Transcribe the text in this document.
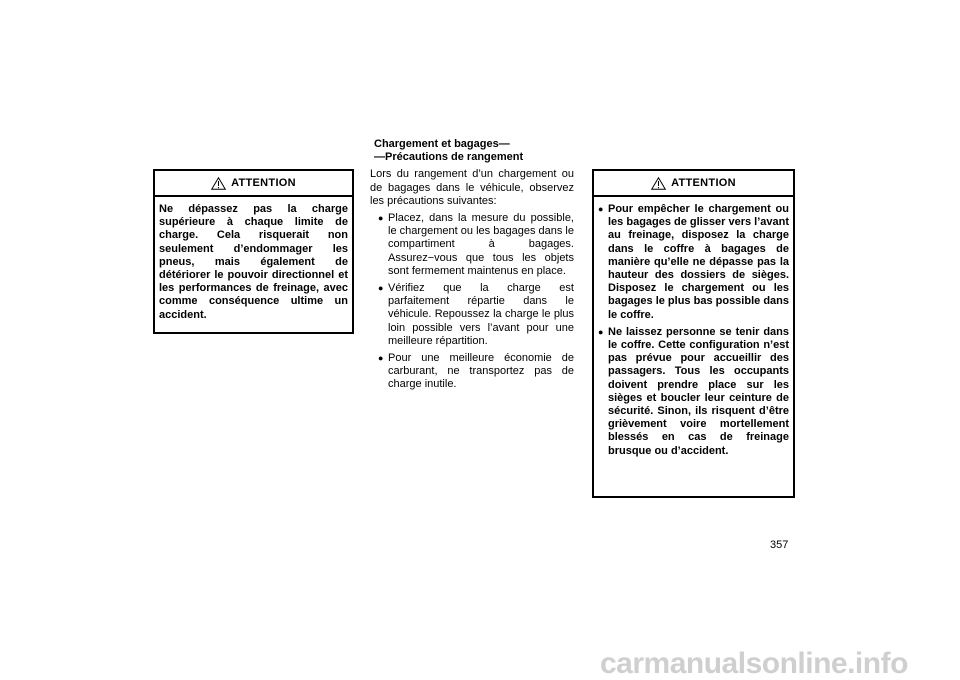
ATTENTION
Ne dépassez pas la charge supérieure à chaque limite de charge. Cela risquerait non seulement d’endommager les pneus, mais également de détériorer le pouvoir directionnel et les performances de freinage, avec comme conséquence ultime un accident.
Chargement et bagages—
—Précautions de rangement
Lors du rangement d’un chargement ou de bagages dans le véhicule, observez les précautions suivantes:
● Placez, dans la mesure du possible, le chargement ou les bagages dans le compartiment à bagages. Assurez−vous que tous les objets sont fermement maintenus en place.
● Vérifiez que la charge est parfaitement répartie dans le véhicule. Repoussez la charge le plus loin possible vers l’avant pour une meilleure répartition.
● Pour une meilleure économie de carburant, ne transportez pas de charge inutile.
ATTENTION
● Pour empêcher le chargement ou les bagages de glisser vers l’avant au freinage, disposez la charge dans le coffre à bagages de manière qu’elle ne dépasse pas la hauteur des dossiers de sièges. Disposez le chargement ou les bagages le plus bas possible dans le coffre.
● Ne laissez personne se tenir dans le coffre. Cette configuration n’est pas prévue pour accueillir des passagers. Tous les occupants doivent prendre place sur les sièges et boucler leur ceinture de sécurité. Sinon, ils risquent d’être grièvement voire mortellement blessés en cas de freinage brusque ou d’accident.
357
carmanualsonline.info
